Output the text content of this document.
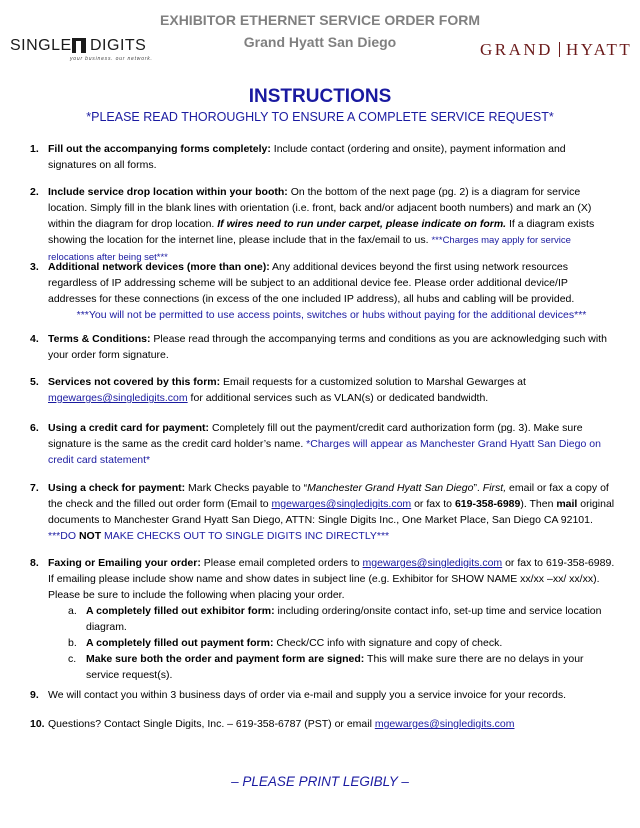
EXHIBITOR ETHERNET SERVICE ORDER FORM
Grand Hyatt San Diego
SINGLE DIGITS
your business. our network.	GRAND HYATT
INSTRUCTIONS
*PLEASE READ THOROUGHLY TO ENSURE A COMPLETE SERVICE REQUEST*
1. Fill out the accompanying forms completely: Include contact (ordering and onsite), payment information and signatures on all forms.
2. Include service drop location within your booth: On the bottom of the next page (pg. 2) is a diagram for service location. Simply fill in the blank lines with orientation (i.e. front, back and/or adjacent booth numbers) and mark an (X) within the diagram for drop location. If wires need to run under carpet, please indicate on form. If a diagram exists showing the location for the internet line, please include that in the fax/email to us. ***Charges may apply for service relocations after being set***
3. Additional network devices (more than one): Any additional devices beyond the first using network resources regardless of IP addressing scheme will be subject to an additional device fee. Please order additional device/IP addresses for these connections (in excess of the one included IP address), all hubs and cabling will be provided.
***You will not be permitted to use access points, switches or hubs without paying for the additional devices***
4. Terms & Conditions: Please read through the accompanying terms and conditions as you are acknowledging such with your order form signature.
5. Services not covered by this form: Email requests for a customized solution to Marshal Gewarges at mgewarges@singledigits.com for additional services such as VLAN(s) or dedicated bandwidth.
6. Using a credit card for payment: Completely fill out the payment/credit card authorization form (pg. 3). Make sure signature is the same as the credit card holder’s name. *Charges will appear as Manchester Grand Hyatt San Diego on credit card statement*
7. Using a check for payment: Mark Checks payable to “Manchester Grand Hyatt San Diego”. First, email or fax a copy of the check and the filled out order form (Email to mgewarges@singledigits.com or fax to 619-358-6989). Then mail original documents to Manchester Grand Hyatt San Diego, ATTN: Single Digits Inc., One Market Place, San Diego CA 92101. ***DO NOT MAKE CHECKS OUT TO SINGLE DIGITS INC DIRECTLY***
8. Faxing or Emailing your order: Please email completed orders to mgewarges@singledigits.com or fax to 619-358-6989. If emailing please include show name and show dates in subject line (e.g. Exhibitor for SHOW NAME xx/xx –xx/ xx/xx). Please be sure to include the following when placing your order.
a. A completely filled out exhibitor form: including ordering/onsite contact info, set-up time and service location diagram.
b. A completely filled out payment form: Check/CC info with signature and copy of check.
c. Make sure both the order and payment form are signed: This will make sure there are no delays in your service request(s).
9. We will contact you within 3 business days of order via e-mail and supply you a service invoice for your records.
10. Questions? Contact Single Digits, Inc. – 619-358-6787 (PST) or email mgewarges@singledigits.com
– PLEASE PRINT LEGIBLY –
